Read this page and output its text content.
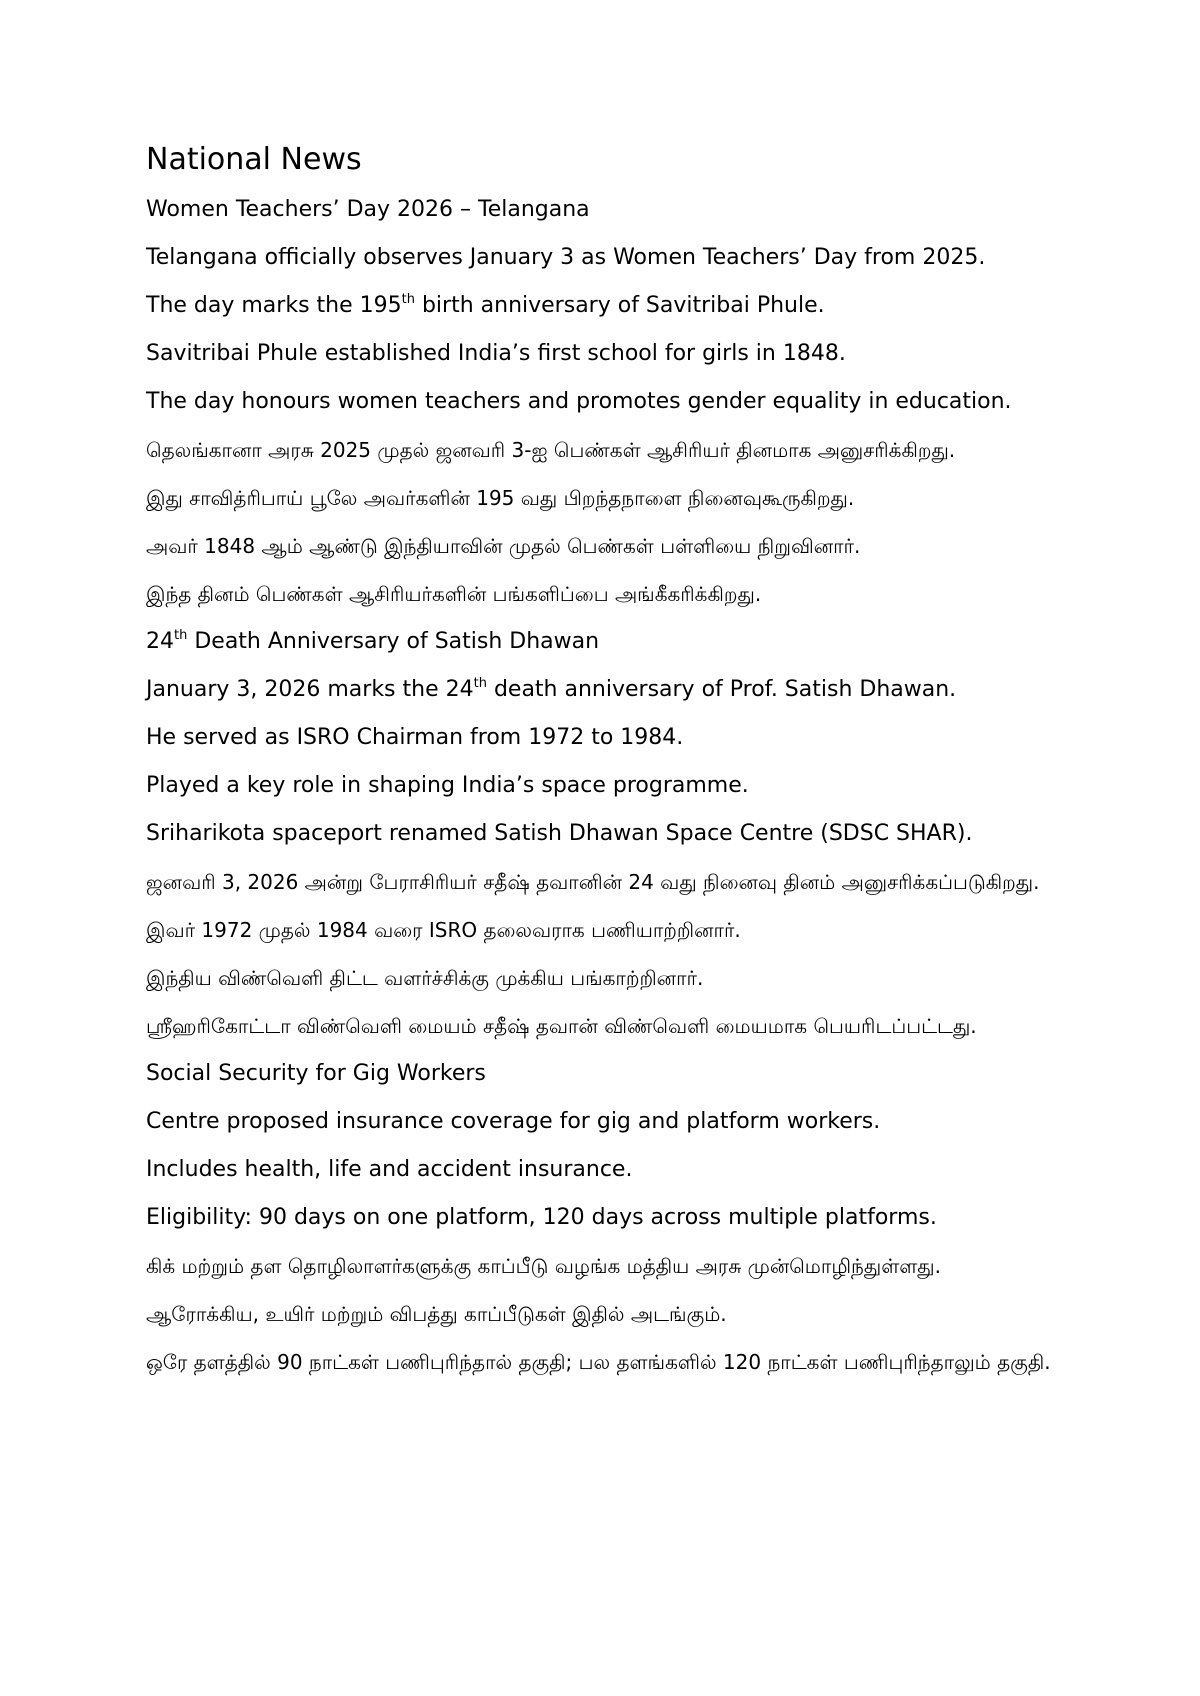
National News

Women Teachers’ Day 2026 – Telangana

Telangana officially observes January 3 as Women Teachers’ Day from 2025.

The day marks the 195th birth anniversary of Savitribai Phule.

Savitribai Phule established India’s first school for girls in 1848.

The day honours women teachers and promotes gender equality in education.

தெலங்கானா அரசு 2025 முதல் ஜனவரி 3-ஐ பெண்கள் ஆசிரியர் தினமாக அனுசரிக்கிறது.

இது சாவித்ரிபாய் பூலே அவர்களின் 195 வது பிறந்தநாளை நினைவுகூருகிறது.

அவர் 1848 ஆம் ஆண்டு இந்தியாவின் முதல் பெண்கள் பள்ளியை நிறுவினார்.

இந்த தினம் பெண்கள் ஆசிரியர்களின் பங்களிப்பை அங்கீகரிக்கிறது.

24th Death Anniversary of Satish Dhawan

January 3, 2026 marks the 24th death anniversary of Prof. Satish Dhawan.

He served as ISRO Chairman from 1972 to 1984.

Played a key role in shaping India’s space programme.

Sriharikota spaceport renamed Satish Dhawan Space Centre (SDSC SHAR).

ஜனவரி 3, 2026 அன்று பேராசிரியர் சதீஷ் தவானின் 24 வது நினைவு தினம் அனுசரிக்கப்படுகிறது.

இவர் 1972 முதல் 1984 வரை ISRO தலைவராக பணியாற்றினார்.

இந்திய விண்வெளி திட்ட வளர்ச்சிக்கு முக்கிய பங்காற்றினார்.

ஸ்ரீஹரிகோட்டா விண்வெளி மையம் சதீஷ் தவான் விண்வெளி மையமாக பெயரிடப்பட்டது.

Social Security for Gig Workers

Centre proposed insurance coverage for gig and platform workers.

Includes health, life and accident insurance.

Eligibility: 90 days on one platform, 120 days across multiple platforms.

கிக் மற்றும் தள தொழிலாளர்களுக்கு காப்பீடு வழங்க மத்திய அரசு முன்மொழிந்துள்ளது.

ஆரோக்கிய, உயிர் மற்றும் விபத்து காப்பீடுகள் இதில் அடங்கும்.

ஒரே தளத்தில் 90 நாட்கள் பணிபுரிந்தால் தகுதி; பல தளங்களில் 120 நாட்கள் பணிபுரிந்தாலும் தகுதி.
